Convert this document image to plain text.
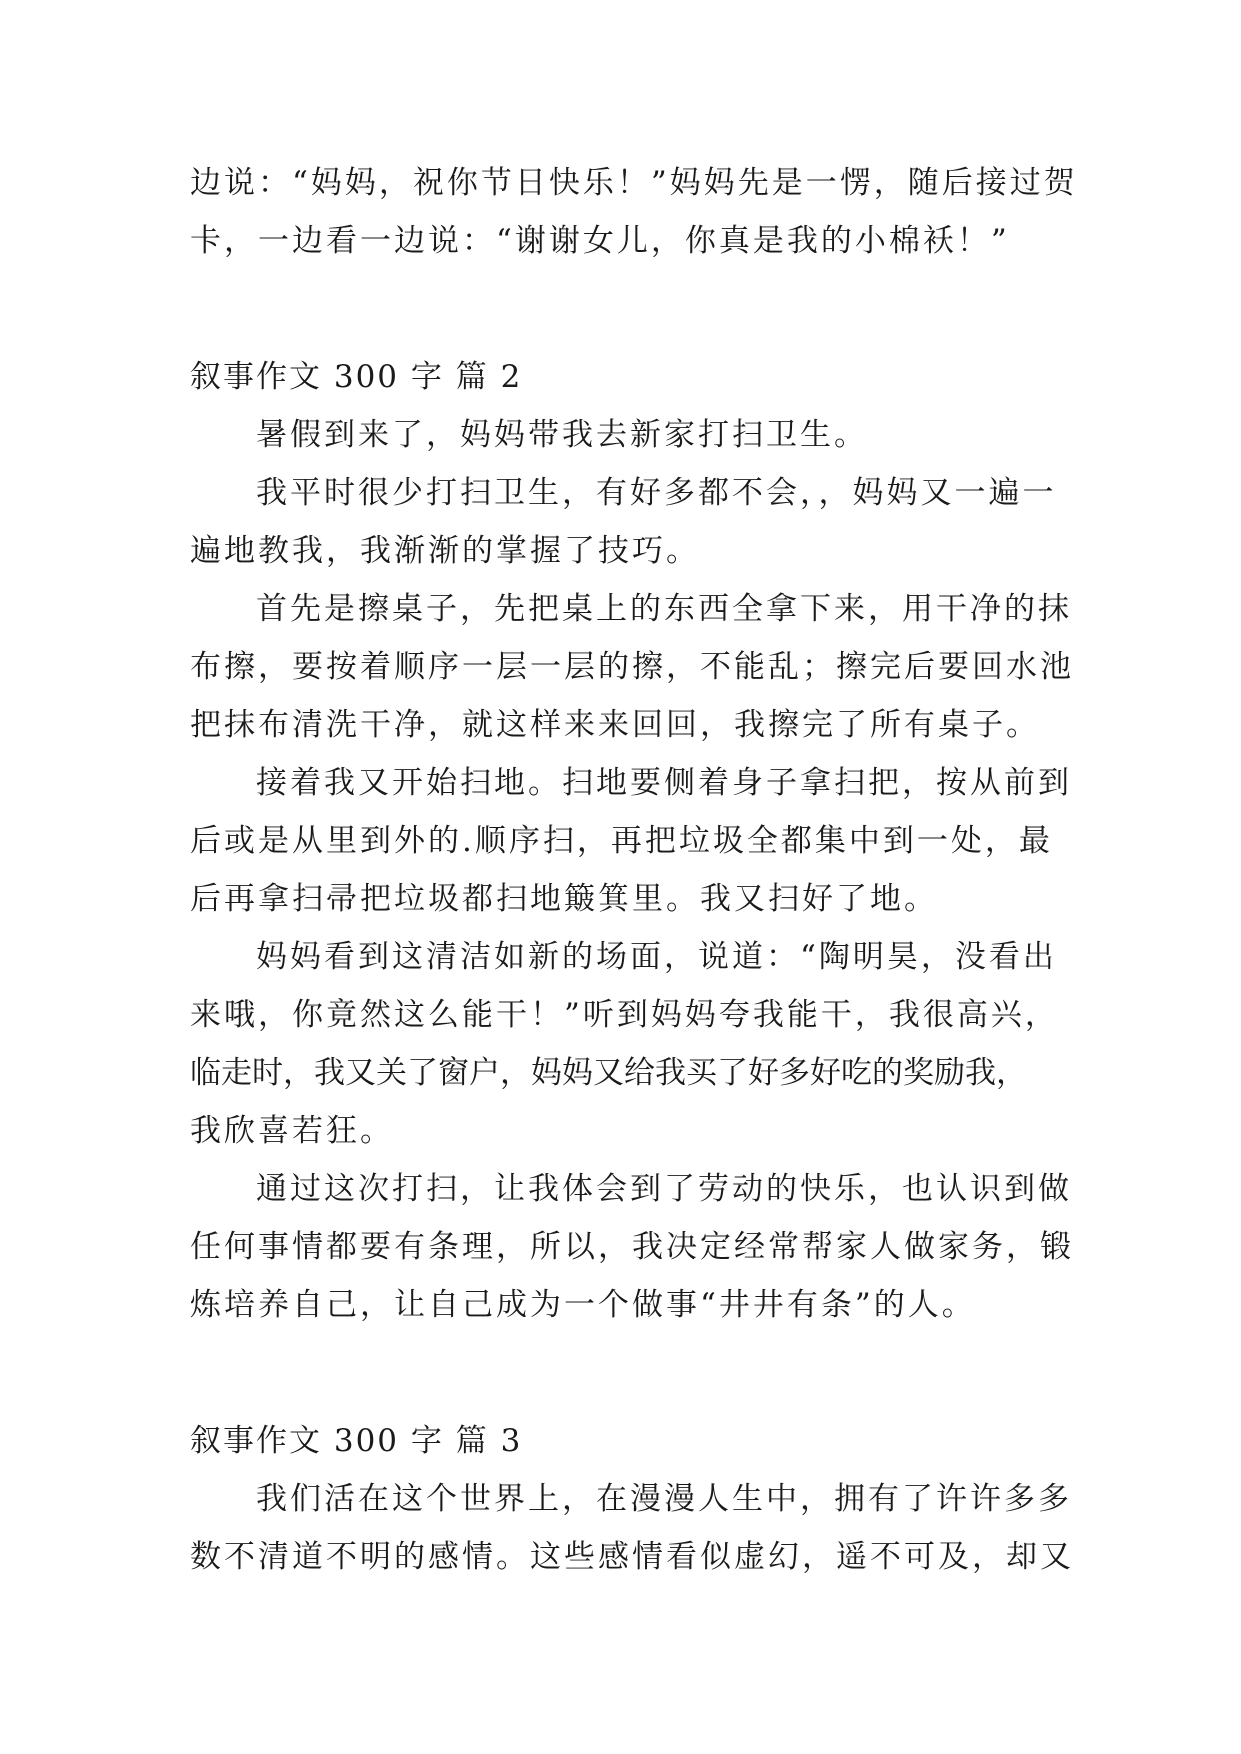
边说：“妈妈，祝你节日快乐！”妈妈先是一愣，随后接过贺
卡，一边看一边说：“谢谢女儿，你真是我的小棉袄！”
叙事作文 300 字 篇 2
暑假到来了，妈妈带我去新家打扫卫生。
我平时很少打扫卫生，有好多都不会，，妈妈又一遍一
遍地教我，我渐渐的掌握了技巧。
首先是擦桌子，先把桌上的东西全拿下来，用干净的抹
布擦，要按着顺序一层一层的擦，不能乱；擦完后要回水池
把抹布清洗干净，就这样来来回回，我擦完了所有桌子。
接着我又开始扫地。扫地要侧着身子拿扫把，按从前到
后或是从里到外的.顺序扫，再把垃圾全都集中到一处，最
后再拿扫帚把垃圾都扫地簸箕里。我又扫好了地。
妈妈看到这清洁如新的场面，说道：“陶明昊，没看出
来哦，你竟然这么能干！”听到妈妈夸我能干，我很高兴，
临走时，我又关了窗户，妈妈又给我买了好多好吃的奖励我，
我欣喜若狂。
通过这次打扫，让我体会到了劳动的快乐，也认识到做
任何事情都要有条理，所以，我决定经常帮家人做家务，锻
炼培养自己，让自己成为一个做事“井井有条”的人。
叙事作文 300 字 篇 3
我们活在这个世界上，在漫漫人生中，拥有了许许多多
数不清道不明的感情。这些感情看似虚幻，遥不可及，却又
